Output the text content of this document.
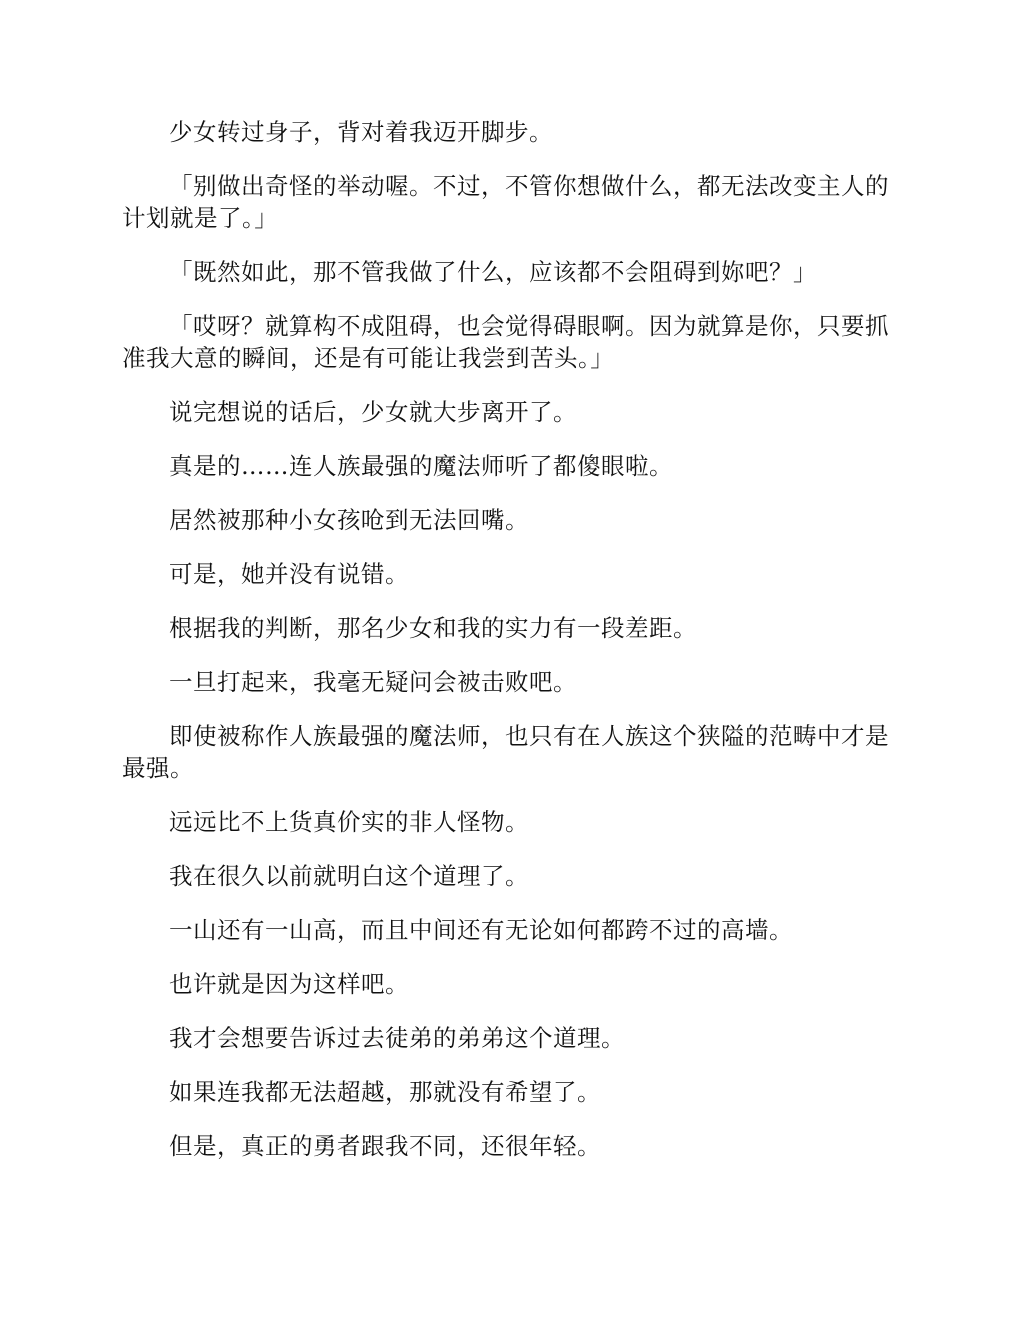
少女转过身子，背对着我迈开脚步。

「别做出奇怪的举动喔。不过，不管你想做什么，都无法改变主人的计划就是了。」

「既然如此，那不管我做了什么，应该都不会阻碍到妳吧？」

「哎呀？就算构不成阻碍，也会觉得碍眼啊。因为就算是你，只要抓准我大意的瞬间，还是有可能让我尝到苦头。」

说完想说的话后，少女就大步离开了。

真是的……连人族最强的魔法师听了都傻眼啦。

居然被那种小女孩呛到无法回嘴。

可是，她并没有说错。

根据我的判断，那名少女和我的实力有一段差距。

一旦打起来，我毫无疑问会被击败吧。

即使被称作人族最强的魔法师，也只有在人族这个狭隘的范畴中才是最强。

远远比不上货真价实的非人怪物。

我在很久以前就明白这个道理了。

一山还有一山高，而且中间还有无论如何都跨不过的高墙。

也许就是因为这样吧。

我才会想要告诉过去徒弟的弟弟这个道理。

如果连我都无法超越，那就没有希望了。

但是，真正的勇者跟我不同，还很年轻。
